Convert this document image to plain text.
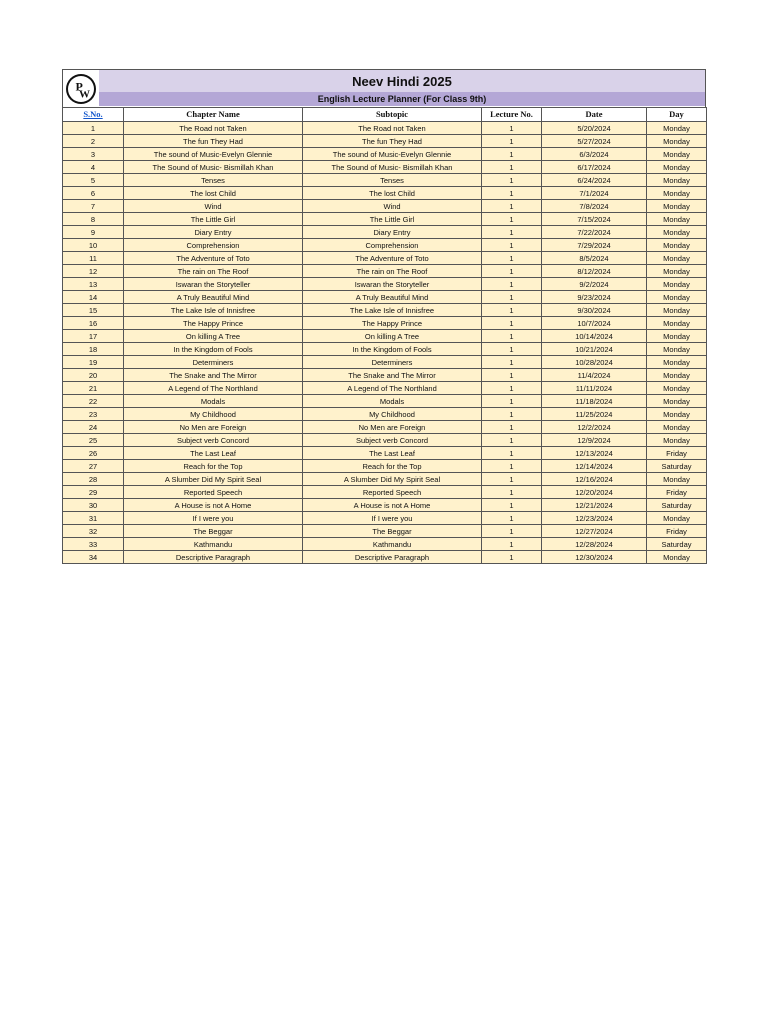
P
W
Neev Hindi 2025
English Lecture Planner (For Class 9th)
S.No.	Chapter Name	Subtopic	Lecture No.	Date	Day
1	The Road not Taken	The Road not Taken	1	5/20/2024	Monday
2	The fun They Had	The fun They Had	1	5/27/2024	Monday
3	The sound of Music-Evelyn Glennie	The sound of Music-Evelyn Glennie	1	6/3/2024	Monday
4	The Sound of Music- Bismillah Khan	The Sound of Music- Bismillah Khan	1	6/17/2024	Monday
5	Tenses	Tenses	1	6/24/2024	Monday
6	The lost Child	The lost Child	1	7/1/2024	Monday
7	Wind	Wind	1	7/8/2024	Monday
8	The Little Girl	The Little Girl	1	7/15/2024	Monday
9	Diary Entry	Diary Entry	1	7/22/2024	Monday
10	Comprehension	Comprehension	1	7/29/2024	Monday
11	The Adventure of Toto	The Adventure of Toto	1	8/5/2024	Monday
12	The rain on The Roof	The rain on The Roof	1	8/12/2024	Monday
13	Iswaran the Storyteller	Iswaran the Storyteller	1	9/2/2024	Monday
14	A Truly Beautiful Mind	A Truly Beautiful Mind	1	9/23/2024	Monday
15	The Lake Isle of Innisfree	The Lake Isle of Innisfree	1	9/30/2024	Monday
16	The Happy Prince	The Happy Prince	1	10/7/2024	Monday
17	On killing A Tree	On killing A Tree	1	10/14/2024	Monday
18	In the Kingdom of Fools	In the Kingdom of Fools	1	10/21/2024	Monday
19	Determiners	Determiners	1	10/28/2024	Monday
20	The Snake and The Mirror	The Snake and The Mirror	1	11/4/2024	Monday
21	A Legend of The Northland	A Legend of The Northland	1	11/11/2024	Monday
22	Modals	Modals	1	11/18/2024	Monday
23	My Childhood	My Childhood	1	11/25/2024	Monday
24	No Men are Foreign	No Men are Foreign	1	12/2/2024	Monday
25	Subject verb Concord	Subject verb Concord	1	12/9/2024	Monday
26	The Last Leaf	The Last Leaf	1	12/13/2024	Friday
27	Reach for the Top	Reach for the Top	1	12/14/2024	Saturday
28	A Slumber Did My Spirit Seal	A Slumber Did My Spirit Seal	1	12/16/2024	Monday
29	Reported Speech	Reported Speech	1	12/20/2024	Friday
30	A House is not A Home	A House is not A Home	1	12/21/2024	Saturday
31	If I were you	If I were you	1	12/23/2024	Monday
32	The Beggar	The Beggar	1	12/27/2024	Friday
33	Kathmandu	Kathmandu	1	12/28/2024	Saturday
34	Descriptive Paragraph	Descriptive Paragraph	1	12/30/2024	Monday
